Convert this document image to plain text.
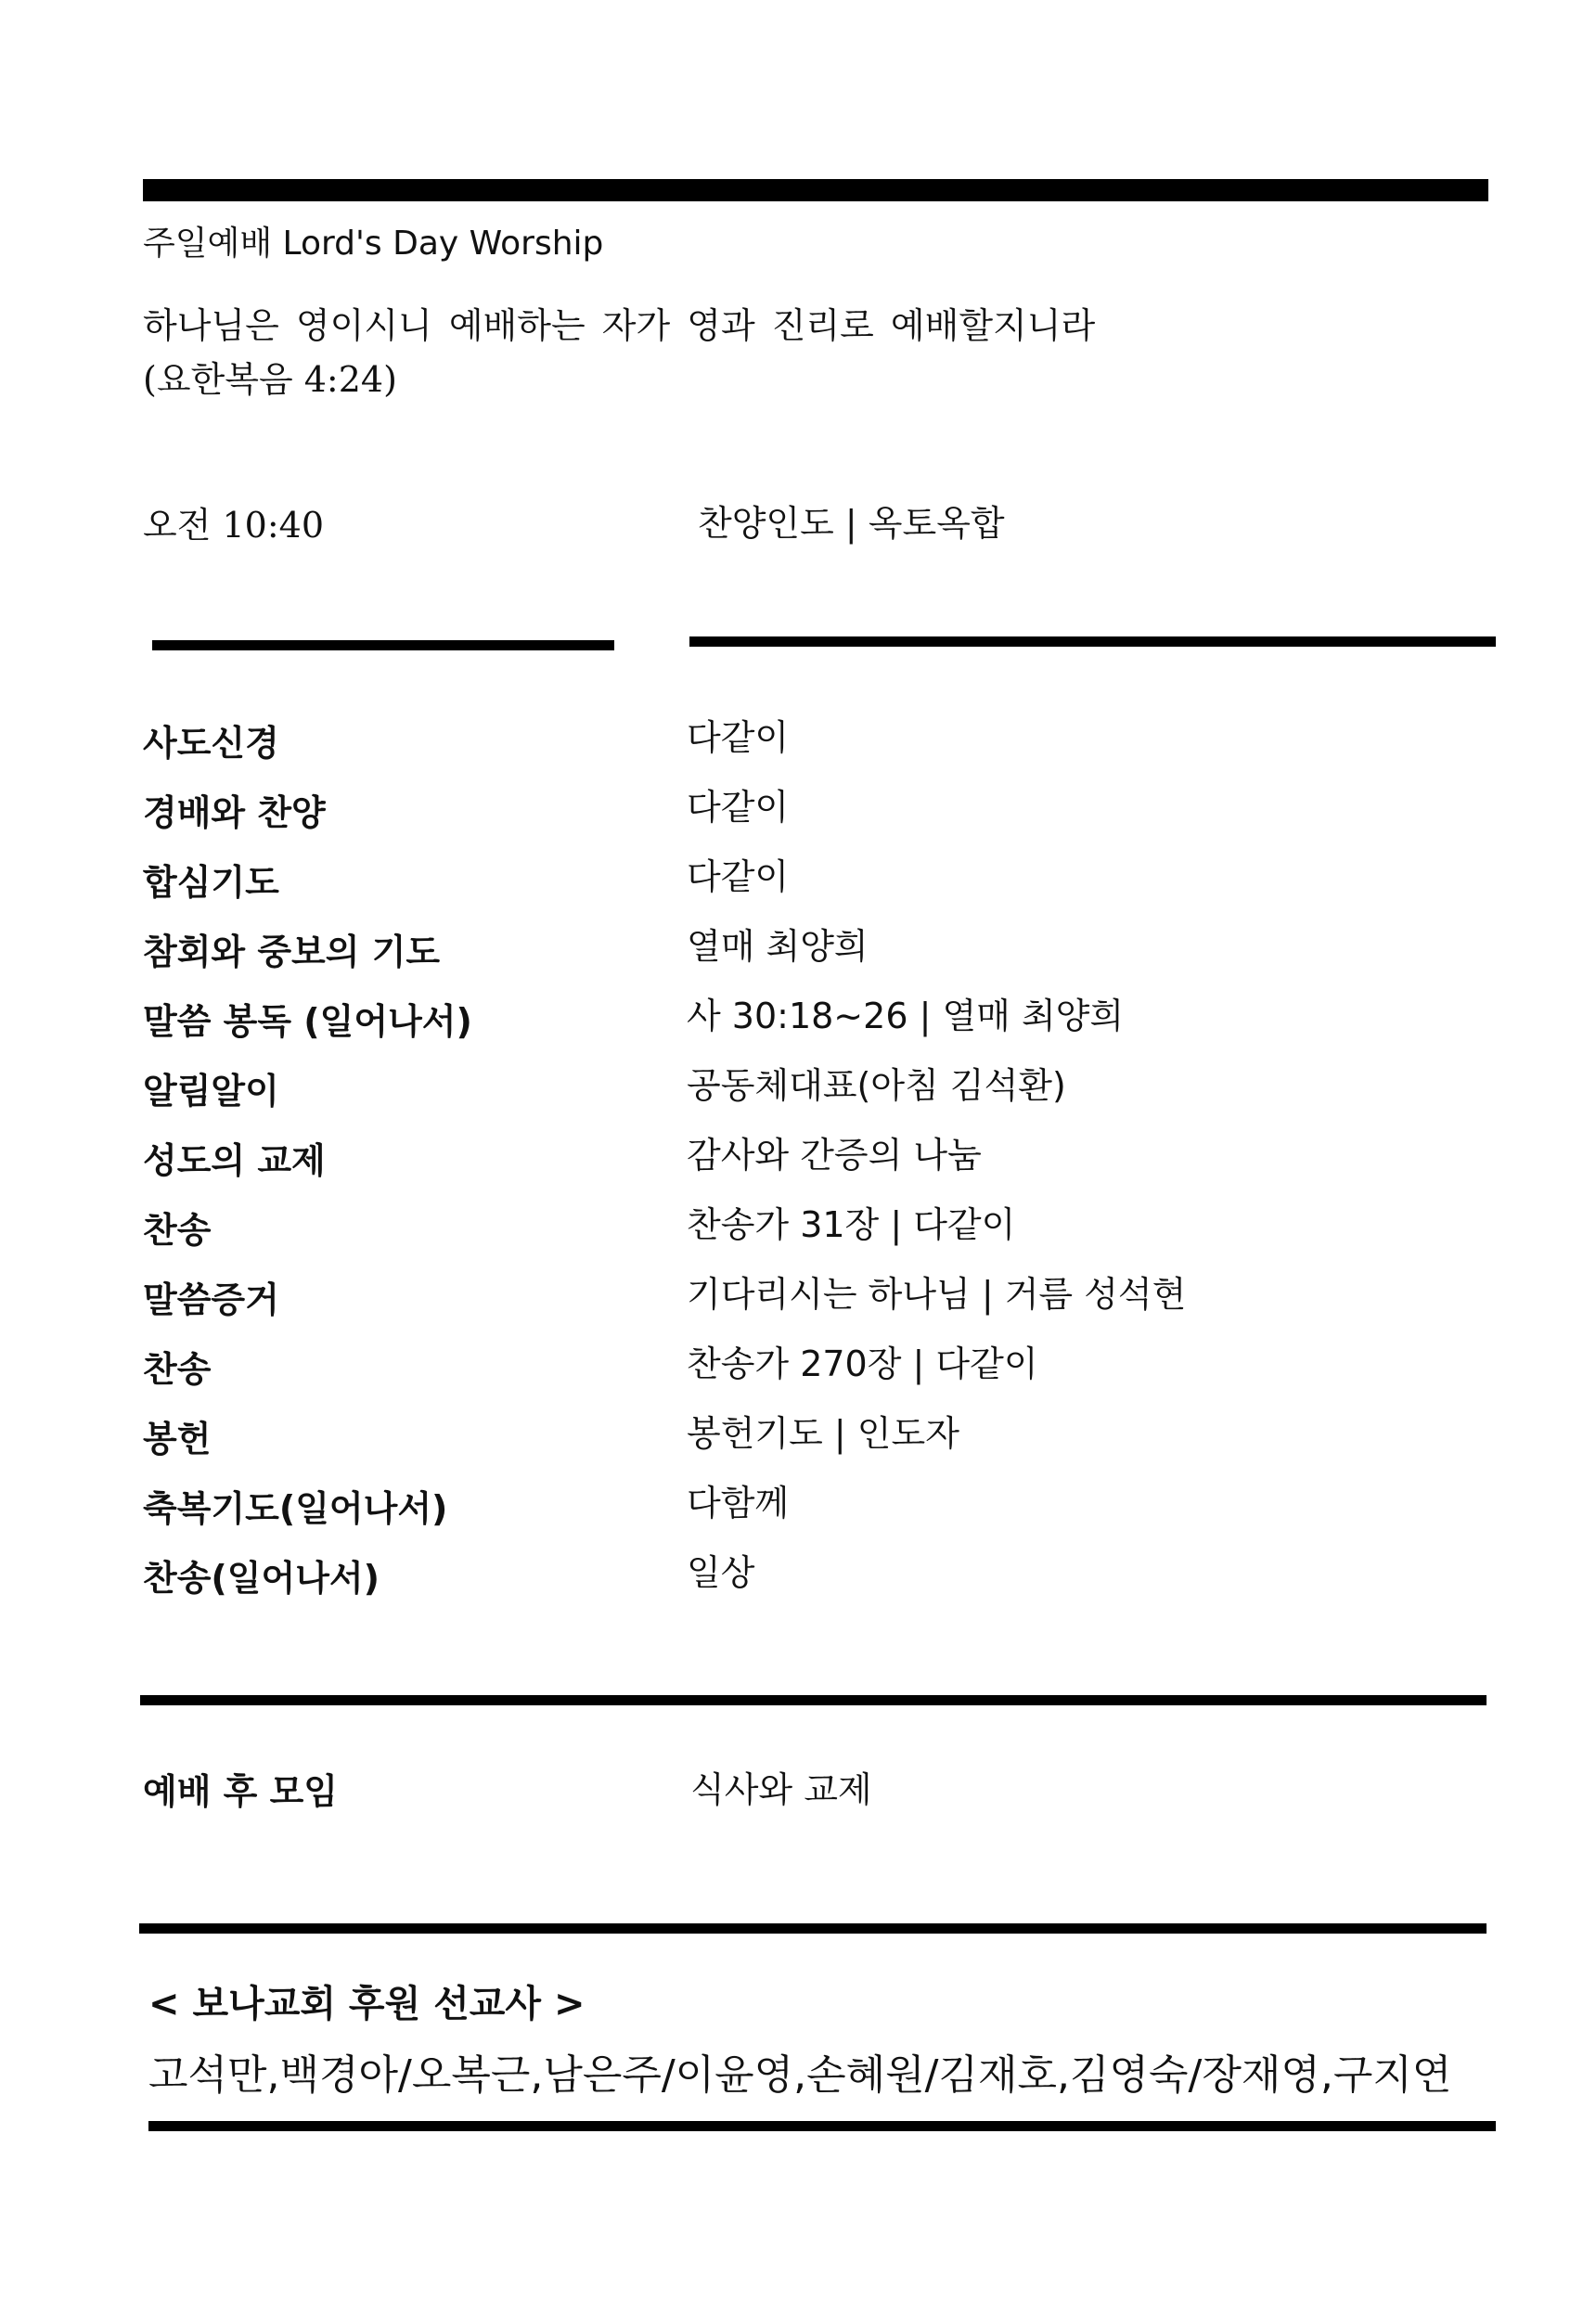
주일예배 Lord's Day Worship
하나님은 영이시니 예배하는 자가 영과 진리로 예배할지니라
(요한복음 4:24)
오전 10:40	찬양인도 | 옥토옥합
사도신경	다같이
경배와 찬양	다같이
합심기도	다같이
참회와 중보의 기도	열매 최양희
말씀 봉독 (일어나서)	사 30:18~26 | 열매 최양희
알림알이	공동체대표(아침 김석환)
성도의 교제	감사와 간증의 나눔
찬송	찬송가 31장 | 다같이
말씀증거	기다리시는 하나님 | 거름 성석현
찬송	찬송가 270장 | 다같이
봉헌	봉헌기도 | 인도자
축복기도(일어나서)	다함께
찬송(일어나서)	일상
예배 후 모임	식사와 교제
< 보나교회 후원 선교사 >
고석만,백경아/오복근,남은주/이윤영,손혜원/김재호,김영숙/장재영,구지연
